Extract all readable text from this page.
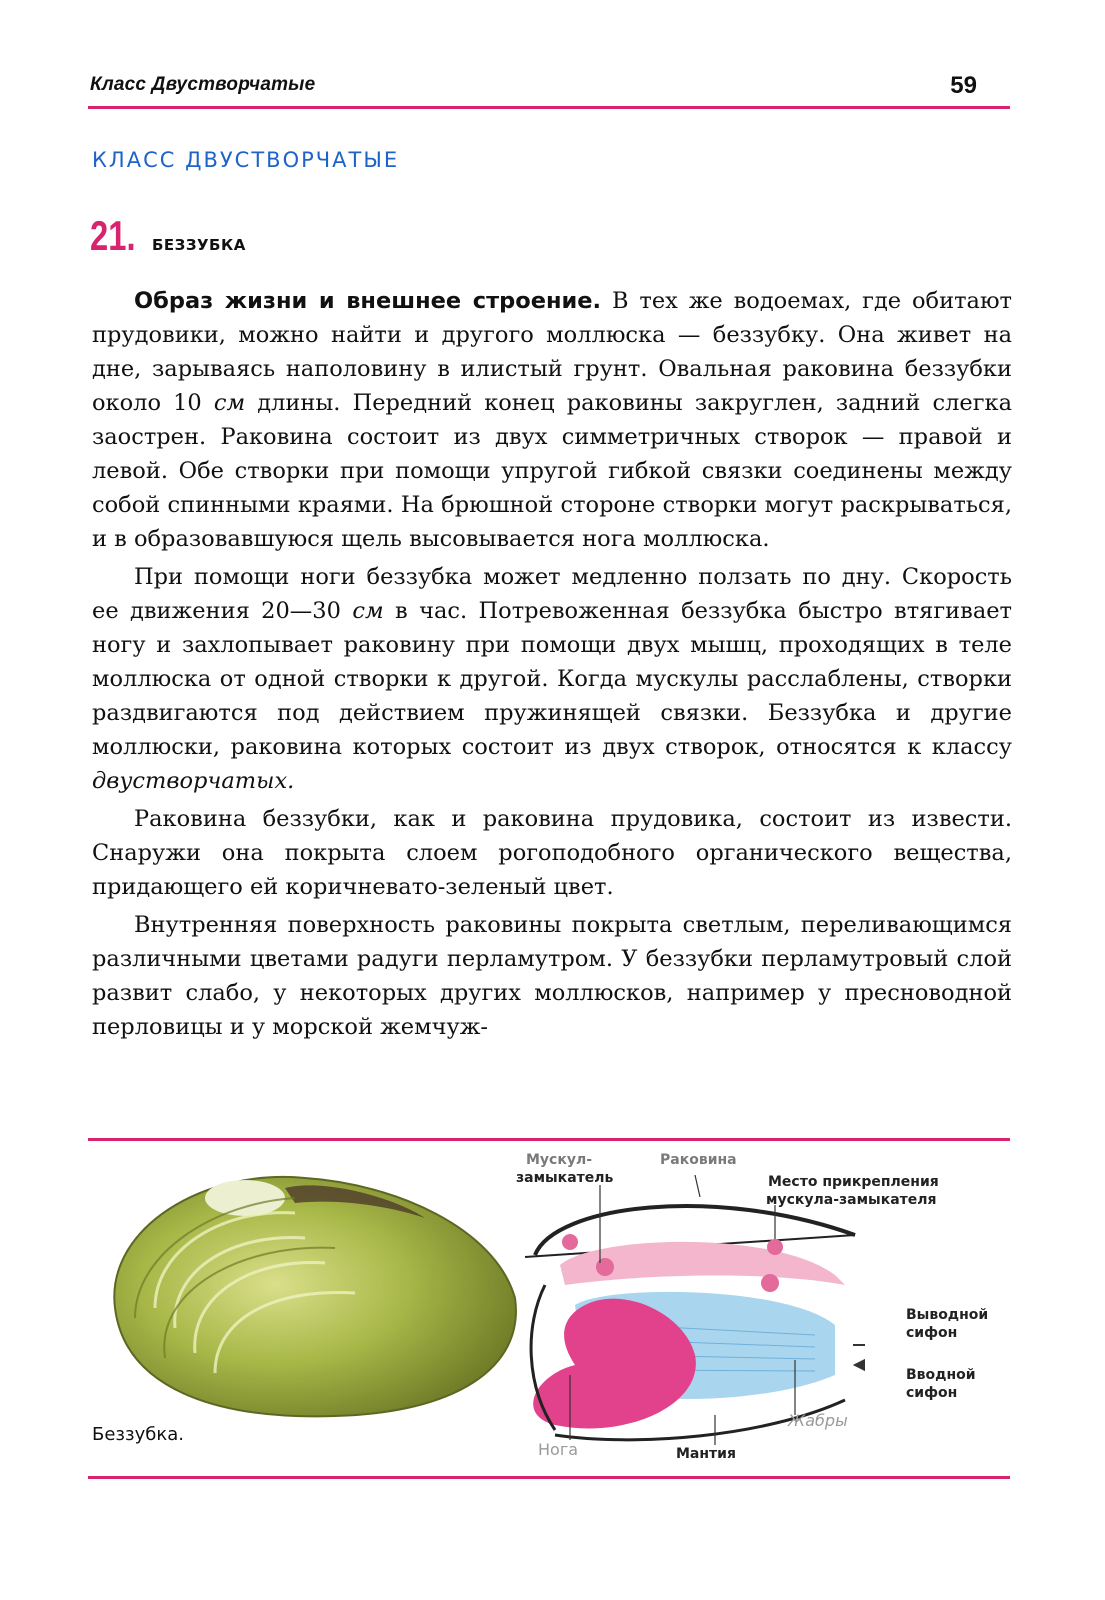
Класс Двустворчатые	59
КЛАСС ДВУСТВОРЧАТЫЕ
21. БЕЗЗУБКА

Образ жизни и внешнее строение. В тех же водоемах, где обитают прудовики, можно найти и другого моллюска — беззубку. Она живет на дне, зарываясь наполовину в илистый грунт. Овальная раковина беззубки около 10 см длины. Передний конец раковины закруглен, задний слегка заострен. Раковина состоит из двух симметричных створок — правой и левой. Обе створки при помощи упругой гибкой связки соединены между собой спинными краями. На брюшной стороне створки могут раскрываться, и в образовавшуюся щель высовывается нога моллюска.

При помощи ноги беззубка может медленно ползать по дну. Скорость ее движения 20—30 см в час. Потревоженная беззубка быстро втягивает ногу и захлопывает раковину при помощи двух мышц, проходящих в теле моллюска от одной створки к другой. Когда мускулы расслаблены, створки раздвигаются под действием пружинящей связки. Беззубка и другие моллюски, раковина которых состоит из двух створок, относятся к классу двустворчатых.

Раковина беззубки, как и раковина прудовика, состоит из извести. Снаружи она покрыта слоем рогоподобного органического вещества, придающего ей коричневато-зеленый цвет.

Внутренняя поверхность раковины покрыта светлым, переливающимся различными цветами радуги перламутром. У беззубки перламутровый слой развит слабо, у некоторых других моллюсков, например у пресноводной перловицы и у морской жемчуж-

Мускул-
замыкатель
Раковина
Место прикрепления
мускула-замыкателя
Выводной
сифон
Вводной
сифон
Жабры
Нога	Мантия
Беззубка.
